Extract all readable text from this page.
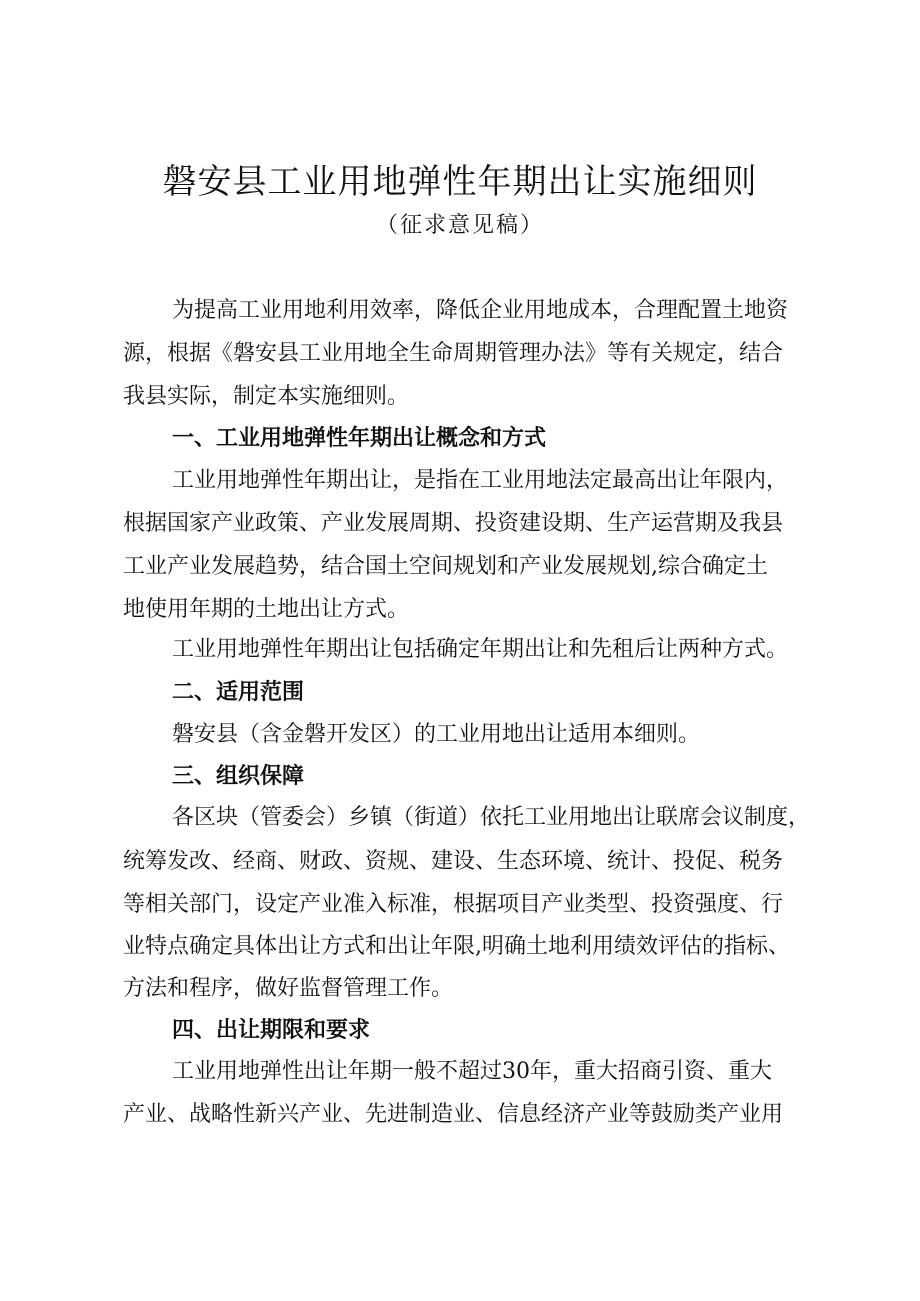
磐安县工业用地弹性年期出让实施细则
（征求意见稿）
为提高工业用地利用效率，降低企业用地成本，合理配置土地资
源，根据《磐安县工业用地全生命周期管理办法》等有关规定，结合
我县实际，制定本实施细则。
一、工业用地弹性年期出让概念和方式
工业用地弹性年期出让，是指在工业用地法定最高出让年限内，
根据国家产业政策、产业发展周期、投资建设期、生产运营期及我县
工业产业发展趋势，结合国土空间规划和产业发展规划,综合确定土
地使用年期的土地出让方式。
工业用地弹性年期出让包括确定年期出让和先租后让两种方式。
二、适用范围
磐安县（含金磐开发区）的工业用地出让适用本细则。
三、组织保障
各区块（管委会）乡镇（街道）依托工业用地出让联席会议制度，
统筹发改、经商、财政、资规、建设、生态环境、统计、投促、税务
等相关部门，设定产业准入标准，根据项目产业类型、投资强度、行
业特点确定具体出让方式和出让年限,明确土地利用绩效评估的指标、
方法和程序，做好监督管理工作。
四、出让期限和要求
工业用地弹性出让年期一般不超过30年，重大招商引资、重大
产业、战略性新兴产业、先进制造业、信息经济产业等鼓励类产业用
